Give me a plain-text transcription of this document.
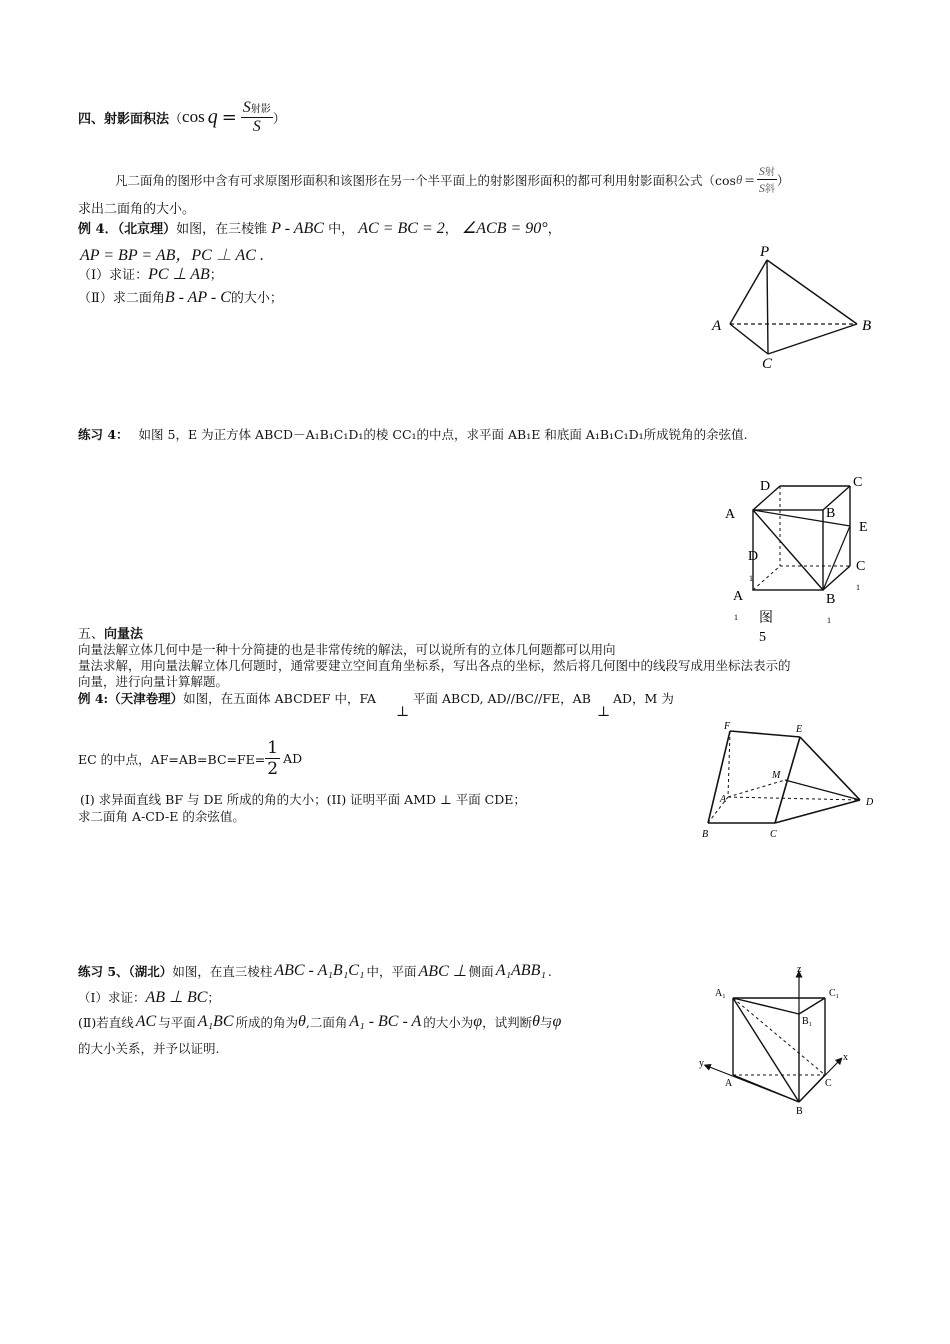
四、射影面积法 （ $\cos q = \frac{\text{S射影}}{S}$ ）
凡二面角的图形中含有可求原图形面积和该图形在另一个半平面上的射影图形面积的都可利用射影面积公式（cos $\theta = \frac{\text{S射}}{\text{S斜}}$ ）
求出二面角的大小。
例 4．（北京理）如图，在三棱锥 P - ABC 中， AC = BC = 2， ∠ACB = 90°，
AP = BP = AB，PC ⊥ AC .
（Ⅰ）求证：PC ⊥ AB；
（Ⅱ）求二面角B - AP - C的大小；
P
A	B
C
练习 4： 如图 5，E 为正方体 ABCD－A₁B₁C₁D₁的棱 CC₁的中点，求平面 AB₁E 和底面 A₁B₁C₁D₁所成锐角的余弦值.
D	C
A	B
E
D
1
C
1
A
1
B
1
图
5
五、向量法
向量法解立体几何中是一种十分简捷的也是非常传统的解法，可以说所有的立体几何题都可以用向
量法求解，用向量法解立体几何题时，通常要建立空间直角坐标系，写出各点的坐标，然后将几何图中的线段写成用坐标法表示的
向量，进行向量计算解题。
例 4:（天津卷理）如图，在五面体 ABCDEF 中，FA
⊥
平面 ABCD, AD//BC//FE，AB
⊥
AD，M 为
EC 的中点，$AF=AB=BC=FE= \frac{1}{2}$ AD
(I) 求异面直线 BF 与 DE 所成的角的大小；(II) 证明平面 AMD ⊥ 平面 CDE；
求二面角 A-CD-E 的余弦值。
F	E
M
A	D
B	C
练习 5、（湖北） 如图，在直三棱柱 ABC - A₁B₁C₁ 中，平面 ABC ⊥ 侧面 A₁ABB₁ .
（Ⅰ）求证：AB ⊥ BC；
(Ⅱ)若直线 AC 与平面 A₁BC 所成的角为 θ ,二面角 A₁ - BC - A 的大小为 φ ，试判断 θ 与 φ
的大小关系，并予以证明.
z
A₁	C₁
B₁
x
y
A	C
B
